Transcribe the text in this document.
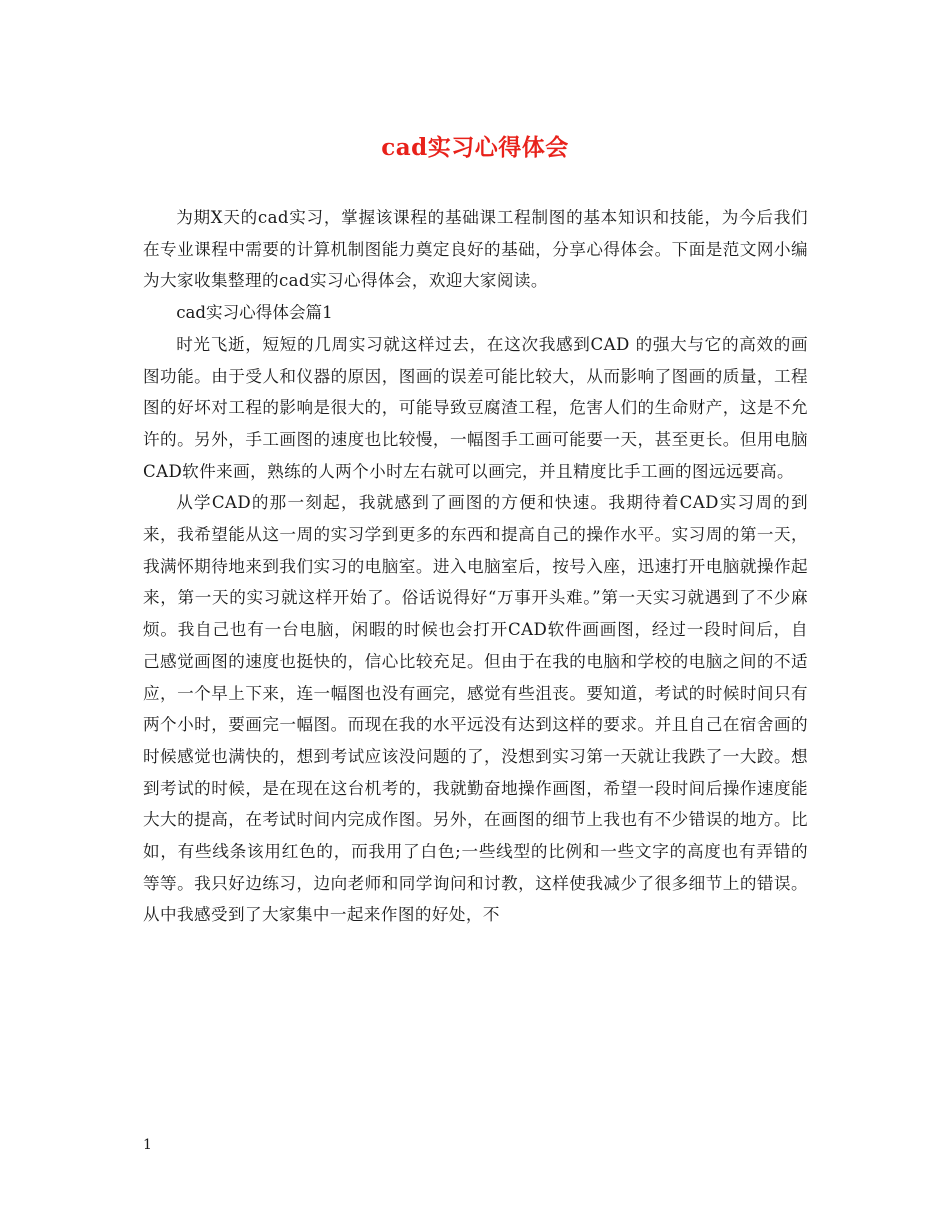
cad实习心得体会

为期X天的cad实习，掌握该课程的基础课工程制图的基本知识和技能，为今后我们在专业课程中需要的计算机制图能力奠定良好的基础，分享心得体会。下面是范文网小编为大家收集整理的cad实习心得体会，欢迎大家阅读。

cad实习心得体会篇1

时光飞逝，短短的几周实习就这样过去，在这次我感到CAD 的强大与它的高效的画图功能。由于受人和仪器的原因，图画的误差可能比较大，从而影响了图画的质量，工程图的好坏对工程的影响是很大的，可能导致豆腐渣工程，危害人们的生命财产，这是不允许的。另外，手工画图的速度也比较慢，一幅图手工画可能要一天，甚至更长。但用电脑CAD软件来画，熟练的人两个小时左右就可以画完，并且精度比手工画的图远远要高。

从学CAD的那一刻起，我就感到了画图的方便和快速。我期待着CAD实习周的到来，我希望能从这一周的实习学到更多的东西和提高自己的操作水平。实习周的第一天，我满怀期待地来到我们实习的电脑室。进入电脑室后，按号入座，迅速打开电脑就操作起来，第一天的实习就这样开始了。俗话说得好“万事开头难。”第一天实习就遇到了不少麻烦。我自己也有一台电脑，闲暇的时候也会打开CAD软件画画图，经过一段时间后，自己感觉画图的速度也挺快的，信心比较充足。但由于在我的电脑和学校的电脑之间的不适应，一个早上下来，连一幅图也没有画完，感觉有些沮丧。要知道，考试的时候时间只有两个小时，要画完一幅图。而现在我的水平远没有达到这样的要求。并且自己在宿舍画的时候感觉也满快的，想到考试应该没问题的了，没想到实习第一天就让我跌了一大跤。想到考试的时候，是在现在这台机考的，我就勤奋地操作画图，希望一段时间后操作速度能大大的提高，在考试时间内完成作图。另外，在画图的细节上我也有不少错误的地方。比如，有些线条该用红色的，而我用了白色;一些线型的比例和一些文字的高度也有弄错的等等。我只好边练习，边向老师和同学询问和讨教，这样使我减少了很多细节上的错误。从中我感受到了大家集中一起来作图的好处，不

1
